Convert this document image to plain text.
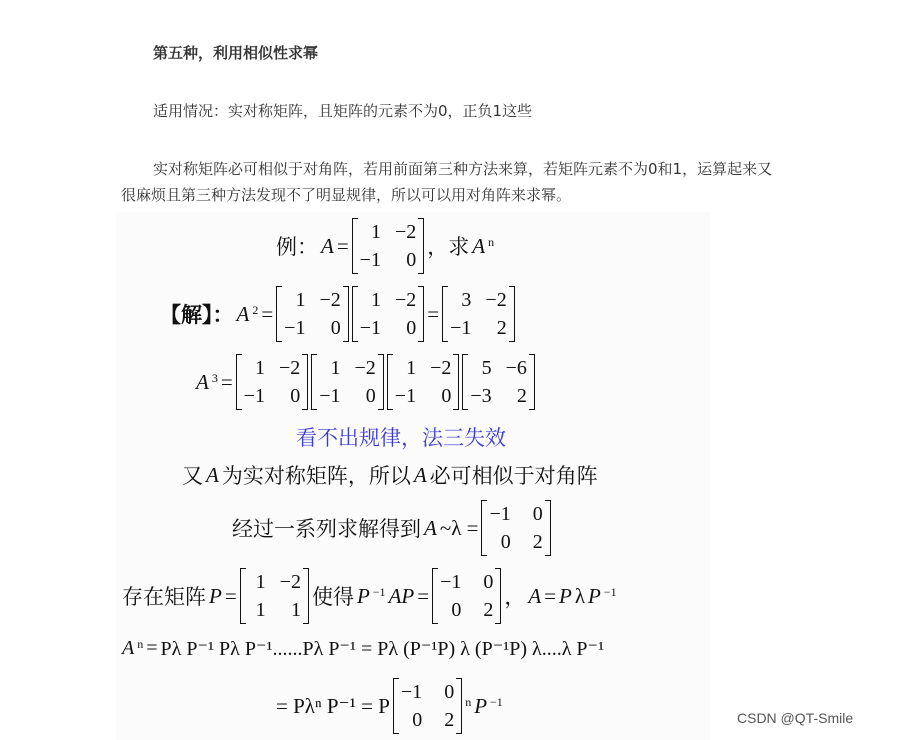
第五种，利用相似性求幂

适用情况：实对称矩阵，且矩阵的元素不为0，正负1这些

实对称矩阵必可相似于对角阵，若用前面第三种方法来算，若矩阵元素不为0和1，运算起来又很麻烦且第三种方法发现不了明显规律，所以可以用对角阵来求幂。

例： A =
1 −2
−1	0
，求 A $^n$
【解】： A $^2$ =
1 −2
−1	0
1 −2
−1	0
=
3 −2
−1	2
A $^3$ =
1 −2
−1	0
1 −2
−1	0
1 −2
−1	0
5 −6
−3	2
看不出规律，法三失效
又 A 为实对称矩阵，所以 A 必可相似于对角阵
经过一系列求解得到 A ~λ =
−1	0
0	2
存在矩阵 P =
1 −2
1	1
使得 P $^{-1}$ AP =
−1	0
0	2
， A = P λ P $^{-1}$
A $^n$ = Pλ P⁻¹ Pλ P⁻¹......Pλ P⁻¹ = Pλ (P⁻¹P) λ (P⁻¹P) λ....λ P⁻¹
= Pλⁿ P⁻¹ = P
−1	0
0	2
$^n$ P $^{-1}$
CSDN @QT-Smile
